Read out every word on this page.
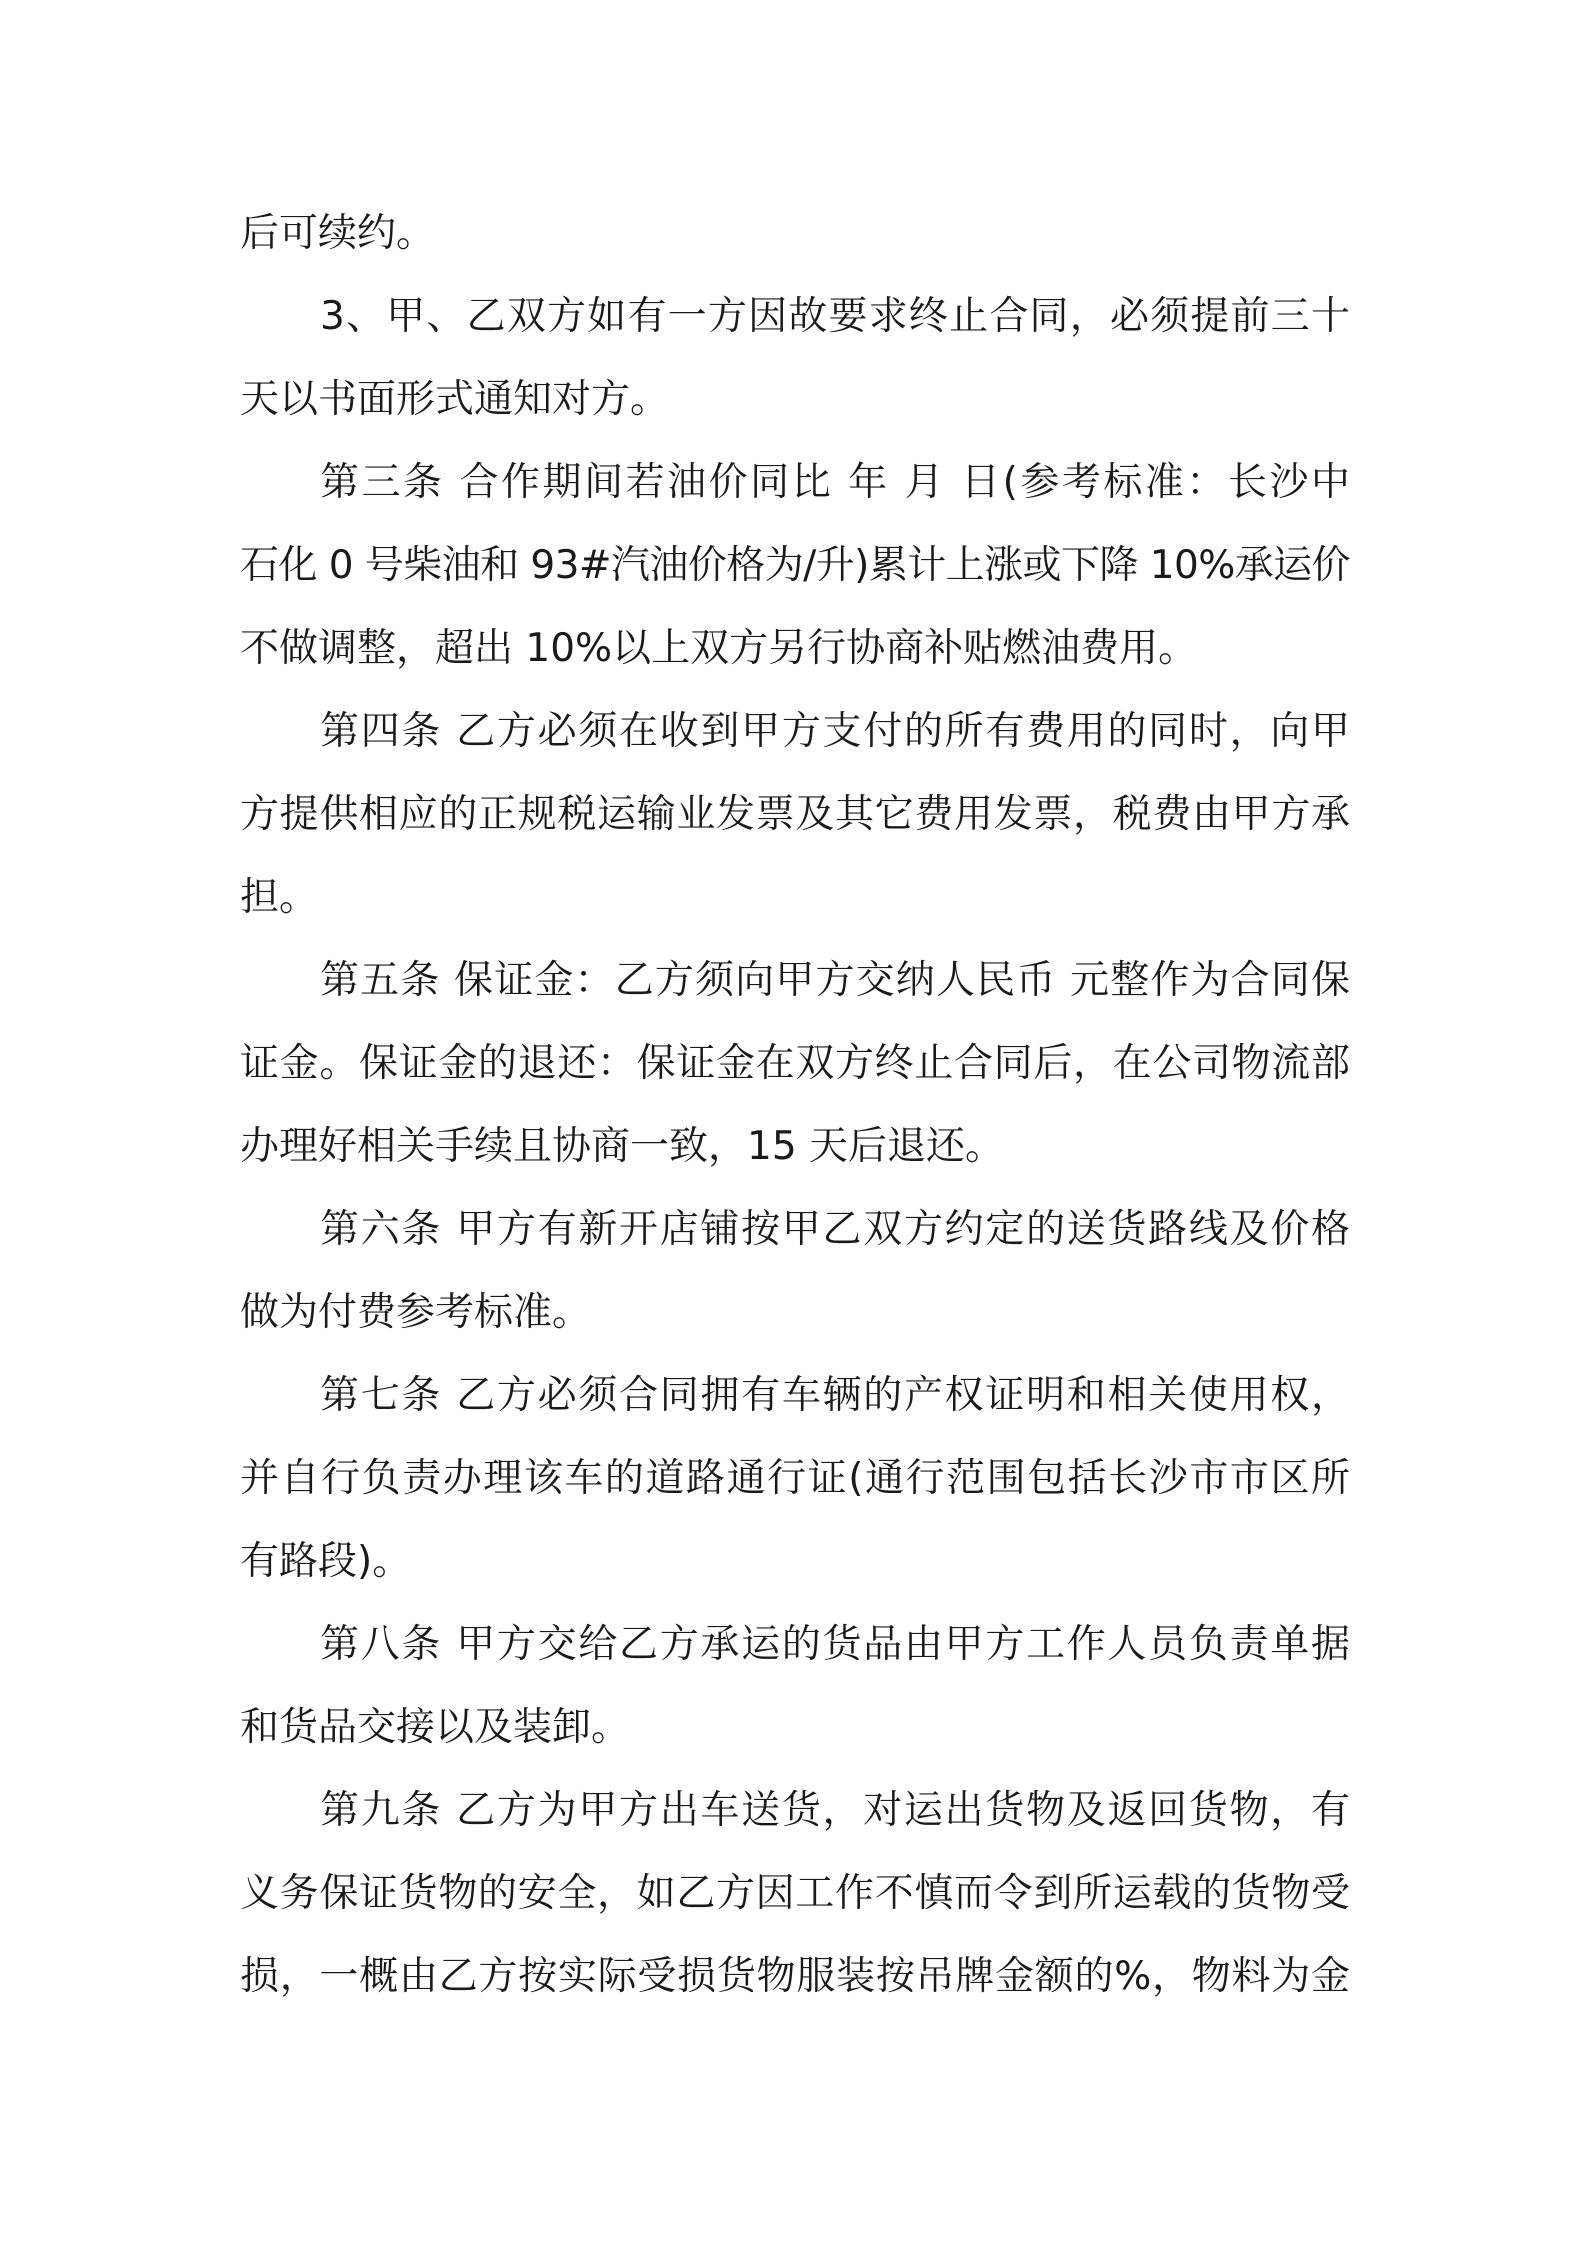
后可续约。
3、甲、乙双方如有一方因故要求终止合同，必须提前三十
天以书面形式通知对方。
第三条 合作期间若油价同比 年 月 日(参考标准：长沙中
石化 0 号柴油和 93#汽油价格为/升)累计上涨或下降 10%承运价
不做调整，超出 10%以上双方另行协商补贴燃油费用。
第四条 乙方必须在收到甲方支付的所有费用的同时，向甲
方提供相应的正规税运输业发票及其它费用发票，税费由甲方承
担。
第五条 保证金：乙方须向甲方交纳人民币 元整作为合同保
证金。保证金的退还：保证金在双方终止合同后，在公司物流部
办理好相关手续且协商一致，15 天后退还。
第六条 甲方有新开店铺按甲乙双方约定的送货路线及价格
做为付费参考标准。
第七条 乙方必须合同拥有车辆的产权证明和相关使用权，
并自行负责办理该车的道路通行证(通行范围包括长沙市市区所
有路段)。
第八条 甲方交给乙方承运的货品由甲方工作人员负责单据
和货品交接以及装卸。
第九条 乙方为甲方出车送货，对运出货物及返回货物，有
义务保证货物的安全，如乙方因工作不慎而令到所运载的货物受
损，一概由乙方按实际受损货物服装按吊牌金额的%，物料为金
